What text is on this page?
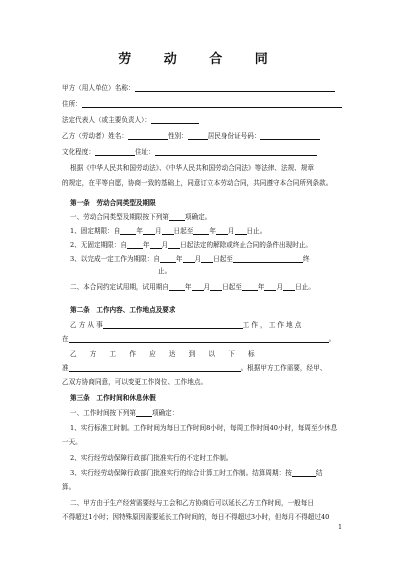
劳 动 合 同
甲方（用人单位）名称：
住所：
法定代表人（或主要负责人）：
乙方（劳动者）姓名：	性别：	居民身份证号码：
文化程度：	住址：
根据《中华人民共和国劳动法》、《中华人民共和国劳动合同法》等法律、法规、规章
的规定，在平等自愿，协商一致的基础上，同意订立本劳动合同，共同遵守本合同所列条款。
第一条　劳动合同类型及期限
一、劳动合同类型及期限按下列第 项确定。
1、固定期限：自 年 月 日起至 年 月 日止。
2、无固定期限：自 年 月 日起法定的解除或终止合同的条件出现时止。
3、以完成一定工作为期限：自 年 月 日起至	终
止。
二、本合同约定试用期，试用期自 年 月 日起至 年 月 日止。
第二条　工作内容、工作地点及要求
乙 方 从 事	工 作 ， 工 作 地 点
在	。
乙　　方　　工　　作　　应　　达　　到　　以　　下　　标
准	。根据甲方工作需要，经甲、
乙双方协商同意，可以变更工作岗位、工作地点。
第三条　工作时间和休息休假
一、工作时间按下列第 项确定：
1、实行标准工时制。工作时间为每日工作时间8小时，每周工作时间40小时，每周至少休息
一天。
2、实行经劳动保障行政部门批准实行的不定时工作制。
3、实行经劳动保障行政部门批准实行的综合计算工时工作制。结算周期：按	结
算。
二、甲方由于生产经营需要经与工会和乙方协商后可以延长乙方工作时间，一般每日
不得超过1小时；因特殊原因需要延长工作时间的，每日不得超过3小时，但每月不得超过40
1
